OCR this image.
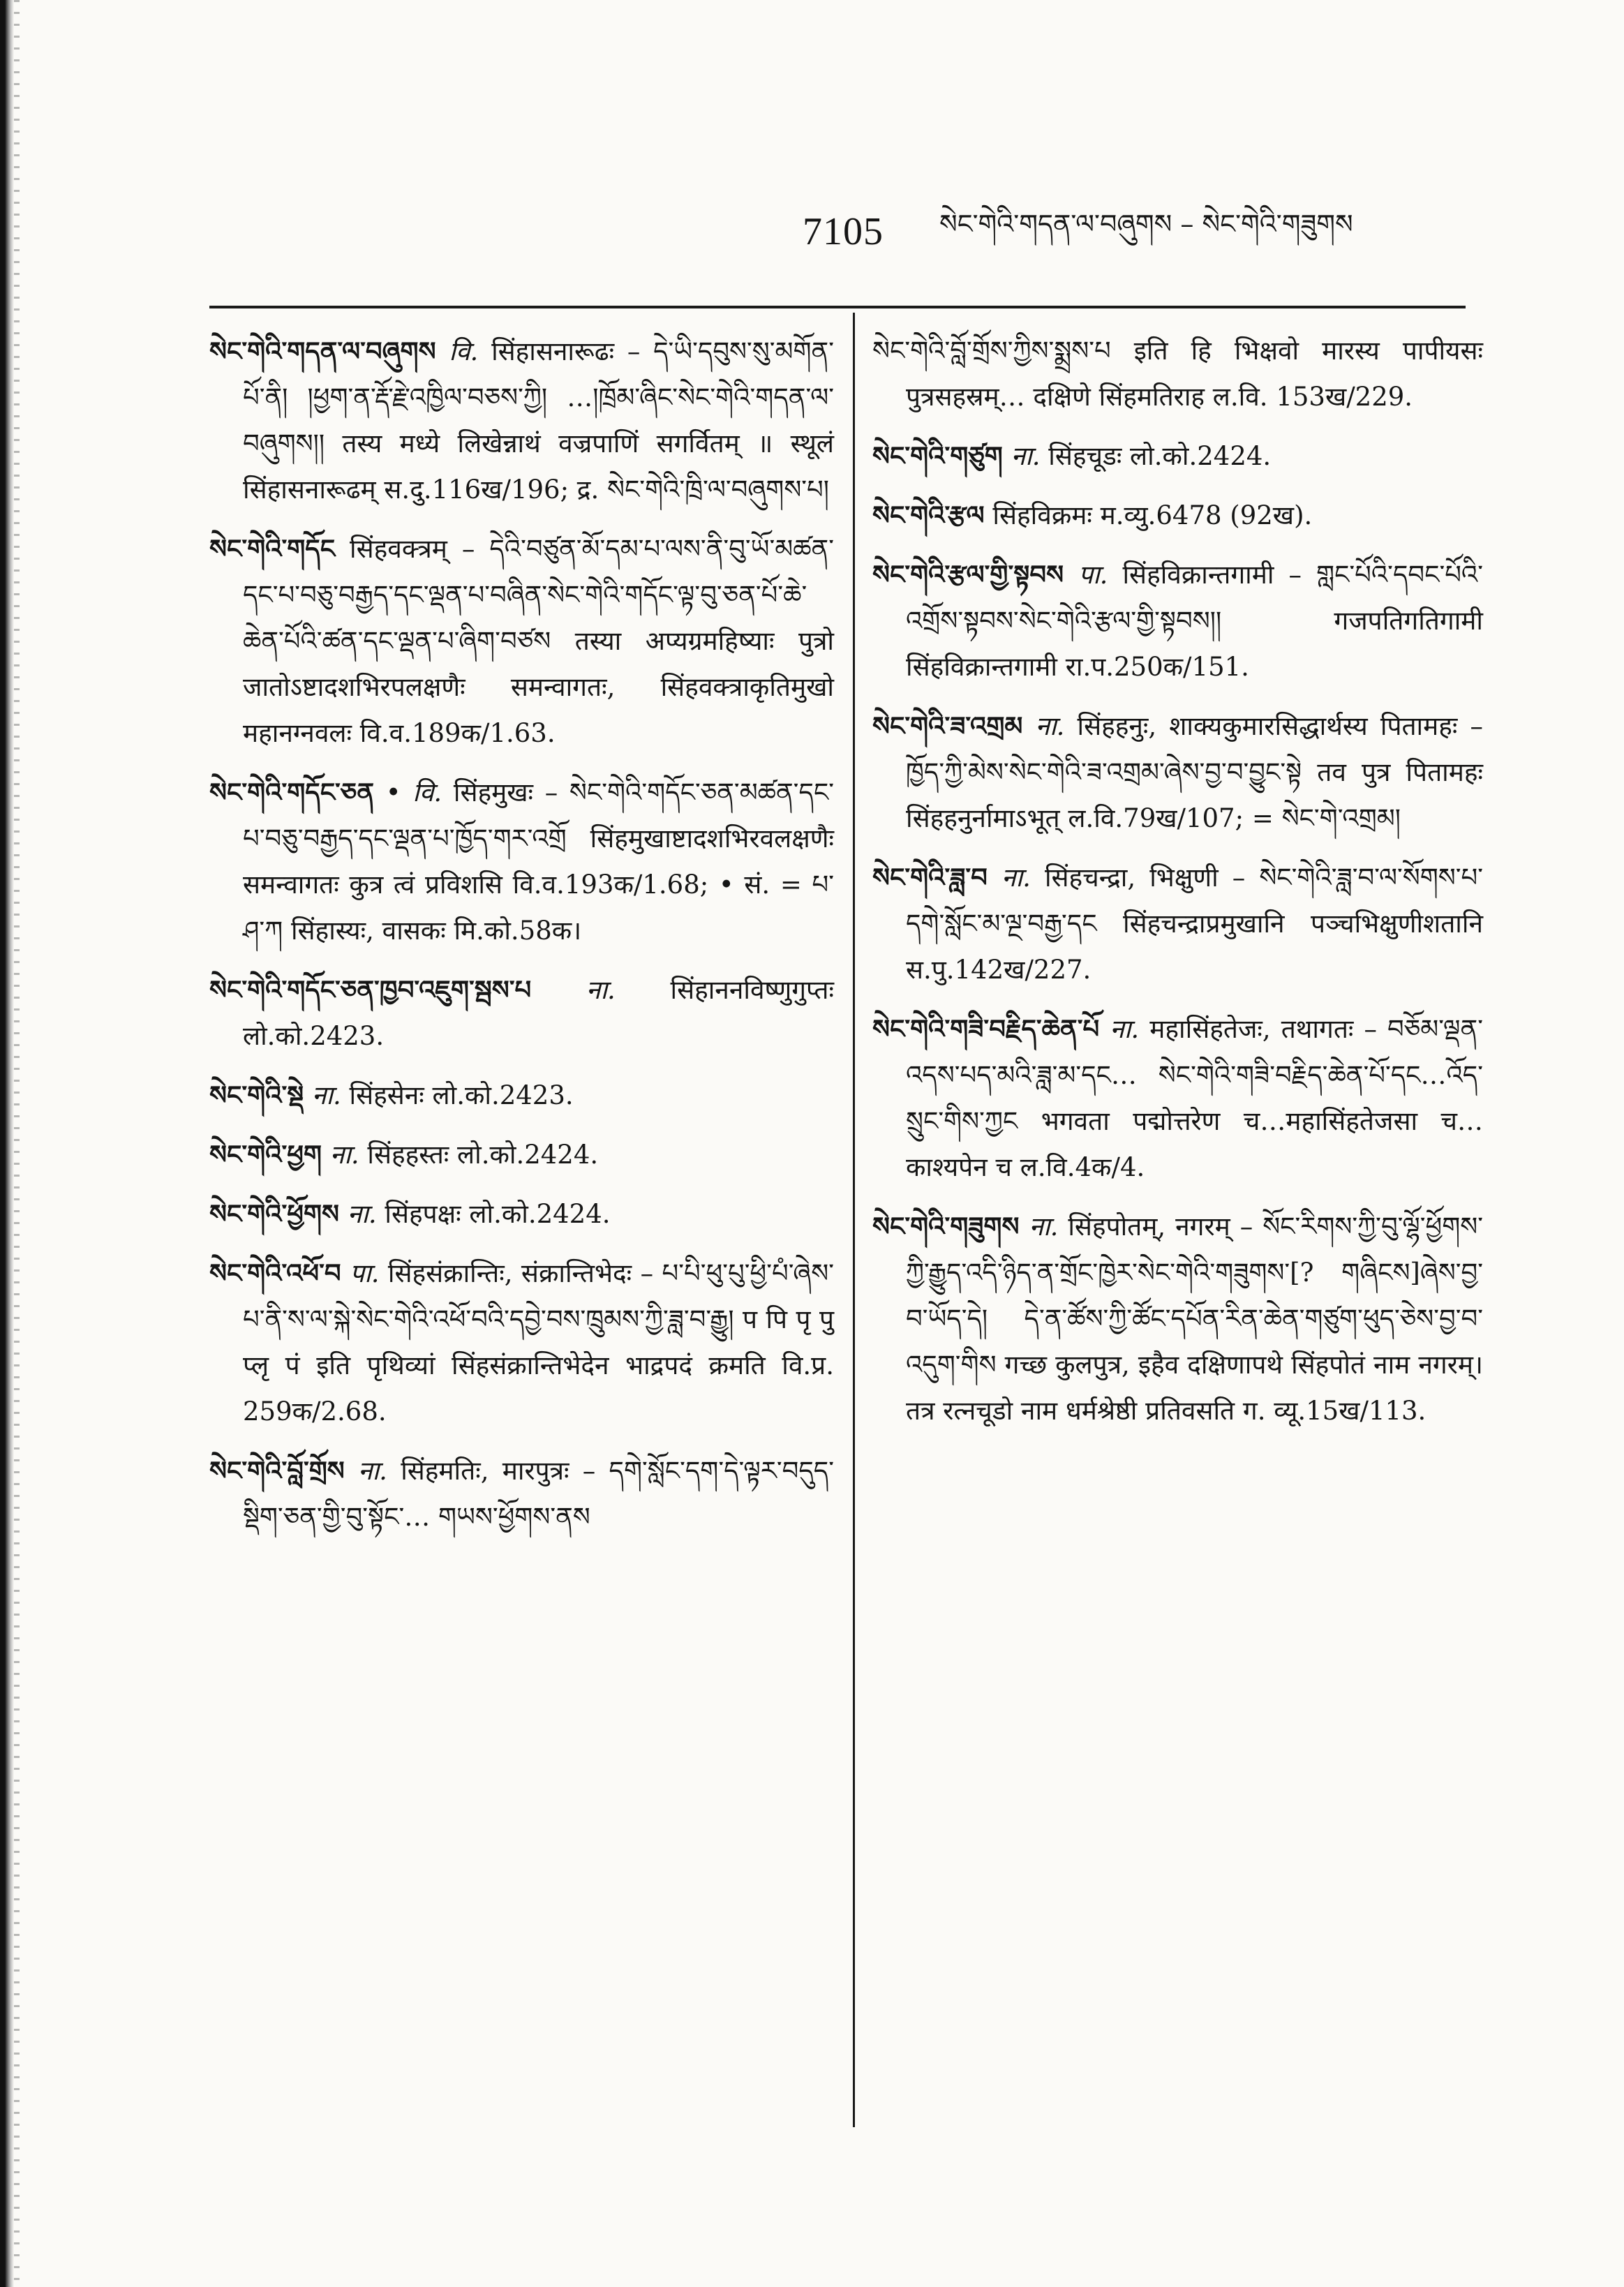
7105 སེང་གེའི་གདན་ལ་བཞུགས – སེང་གེའི་གཟུགས

སེང་གེའི་གདན་ལ་བཞུགས वि. सिंहासनारूढः – དེ་ཡི་དབུས་སུ་མགོན་པོ་ནི། །ཕྱག་ན་རྡོ་རྗེ་འཁྱིལ་བཅས་ཀྱི། …།ཁྲོམ་ཞིང་སེང་གེའི་གདན་ལ་བཞུགས།། तस्य मध्ये लिखेन्नाथं वज्रपाणिं सगर्वितम् ॥ स्थूलं सिंहासनारूढम् स.दु.116ख/196; द्र. སེང་གེའི་ཁྲི་ལ་བཞུགས་པ།

སེང་གེའི་གདོང सिंहवक्त्रम् – དེའི་བཙུན་མོ་དམ་པ་ལས་ནི་བུ་ཡོ་མཚན་དང་པ་བཅུ་བརྒྱད་དང་ལྡན་པ་བཞིན་སེང་གེའི་གདོང་ལྟ་བུ་ཅན་པོ་ཆེ་ཆེན་པོའི་ཚན་དང་ལྡན་པ་ཞིག་བཙས तस्या अप्यग्रमहिष्याः पुत्रो जातोऽष्टादशभिरपलक्षणैः समन्वागतः, सिंहवक्त्राकृतिमुखो महानग्नवलः वि.व.189क/1.63.

སེང་གེའི་གདོང་ཅན • वि. सिंहमुखः – སེང་གེའི་གདོང་ཅན་མཚན་དང་པ་བཅུ་བརྒྱད་དང་ལྡན་པ་ཁྱོད་གར་འགྲོ सिंहमुखाष्टादशभिरवलक्षणैः समन्वागतः कुत्र त्वं प्रविशसि वि.व.193क/1.68; • सं. = པ་ཤ་ཀ सिंहास्यः, वासकः मि.को.58क।

སེང་གེའི་གདོང་ཅན་ཁྱབ་འཇུག་སྦས་པ ना. सिंहाननविष्णुगुप्तः लो.को.2423.

སེང་གེའི་སྡེ ना. सिंहसेनः लो.को.2423.

སེང་གེའི་ཕྱག ना. सिंहहस्तः लो.को.2424.

སེང་གེའི་ཕྱོགས ना. सिंहपक्षः लो.को.2424.

སེང་གེའི་འཕོ་བ पा. सिंहसंक्रान्तिः, संक्रान्तिभेदः – པ་པི་ཕུ་པུ་ཕྱི་པཾ་ཞེས་པ་ནི་ས་ལ་སྐེ་སེང་གེའི་འཕོ་བའི་དབྱེ་བས་ཁྲུམས་ཀྱི་ཟླ་བ་རྒྱུ། प पि पृ पु प्लृ पं इति पृथिव्यां सिंहसंक्रान्तिभेदेन भाद्रपदं क्रमति वि.प्र. 259क/2.68.

སེང་གེའི་བློ་གྲོས ना. सिंहमतिः, मारपुत्रः – དགེ་སློང་དག་དེ་ལྟར་བདུད་སྡིག་ཅན་གྱི་བུ་སྟོང་… གཡས་ཕྱོགས་ནས

སེང་གེའི་བློ་གྲོས་ཀྱིས་སྨྲས་པ इति हि भिक्षवो मारस्य पापीयसः पुत्रसहस्रम्… दक्षिणे सिंहमतिराह ल.वि. 153ख/229.

སེང་གེའི་གཙུག ना. सिंहचूडः लो.को.2424.

སེང་གེའི་རྩལ सिंहविक्रमः म.व्यु.6478 (92ख).

སེང་གེའི་རྩལ་གྱི་སྟབས पा. सिंहविक्रान्तगामी – གླང་པོའི་དབང་པོའི་འགྲོས་སྟབས་སེང་གེའི་རྩལ་གྱི་སྟབས།། गजपतिगतिगामी सिंहविक्रान्तगामी रा.प.250क/151.

སེང་གེའི་ཟ་འགྲམ ना. सिंहहनुः, शाक्यकुमारसिद्धार्थस्य पितामहः – ཁྱོད་ཀྱི་མེས་སེང་གེའི་ཟ་འགྲམ་ཞེས་བྱ་བ་བྱུང་སྟེ तव पुत्र पितामहः सिंहहनुर्नामाऽभूत् ल.वि.79ख/107; = སེང་གེ་འགྲམ།

སེང་གེའི་ཟླ་བ ना. सिंहचन्द्रा, भिक्षुणी – སེང་གེའི་ཟླ་བ་ལ་སོགས་པ་དགེ་སློང་མ་ལྔ་བརྒྱ་དང सिंहचन्द्राप्रमुखानि पञ्चभिक्षुणीशतानि स.पु.142ख/227.

སེང་གེའི་གཟི་བརྗིད་ཆེན་པོ ना. महासिंहतेजः, तथागतः – བཅོམ་ལྡན་འདས་པད་མའི་ཟླ་མ་དང… སེང་གེའི་གཟི་བརྗིད་ཆེན་པོ་དང…འོད་སྲུང་གིས་ཀྱང भगवता पद्मोत्तरेण च…महासिंहतेजसा च…काश्यपेन च ल.वि.4क/4.

སེང་གེའི་གཟུགས ना. सिंहपोतम्, नगरम् – སོང་རིགས་ཀྱི་བུ་ལྷོ་ཕྱོགས་ཀྱི་རྒྱུད་འདི་ཉིད་ན་གྲོང་ཁྱེར་སེང་གེའི་གཟུགས་[? གཞིངས]ཞེས་བྱ་བ་ཡོད་དེ། དེ་ན་ཚོས་ཀྱི་ཚོང་དཔོན་རིན་ཆེན་གཙུག་ཕུད་ཅེས་བྱ་བ་འདུག་གིས गच्छ कुलपुत्र, इहैव दक्षिणापथे सिंहपोतं नाम नगरम्। तत्र रत्नचूडो नाम धर्मश्रेष्ठी प्रतिवसति ग. व्यू.15ख/113.
